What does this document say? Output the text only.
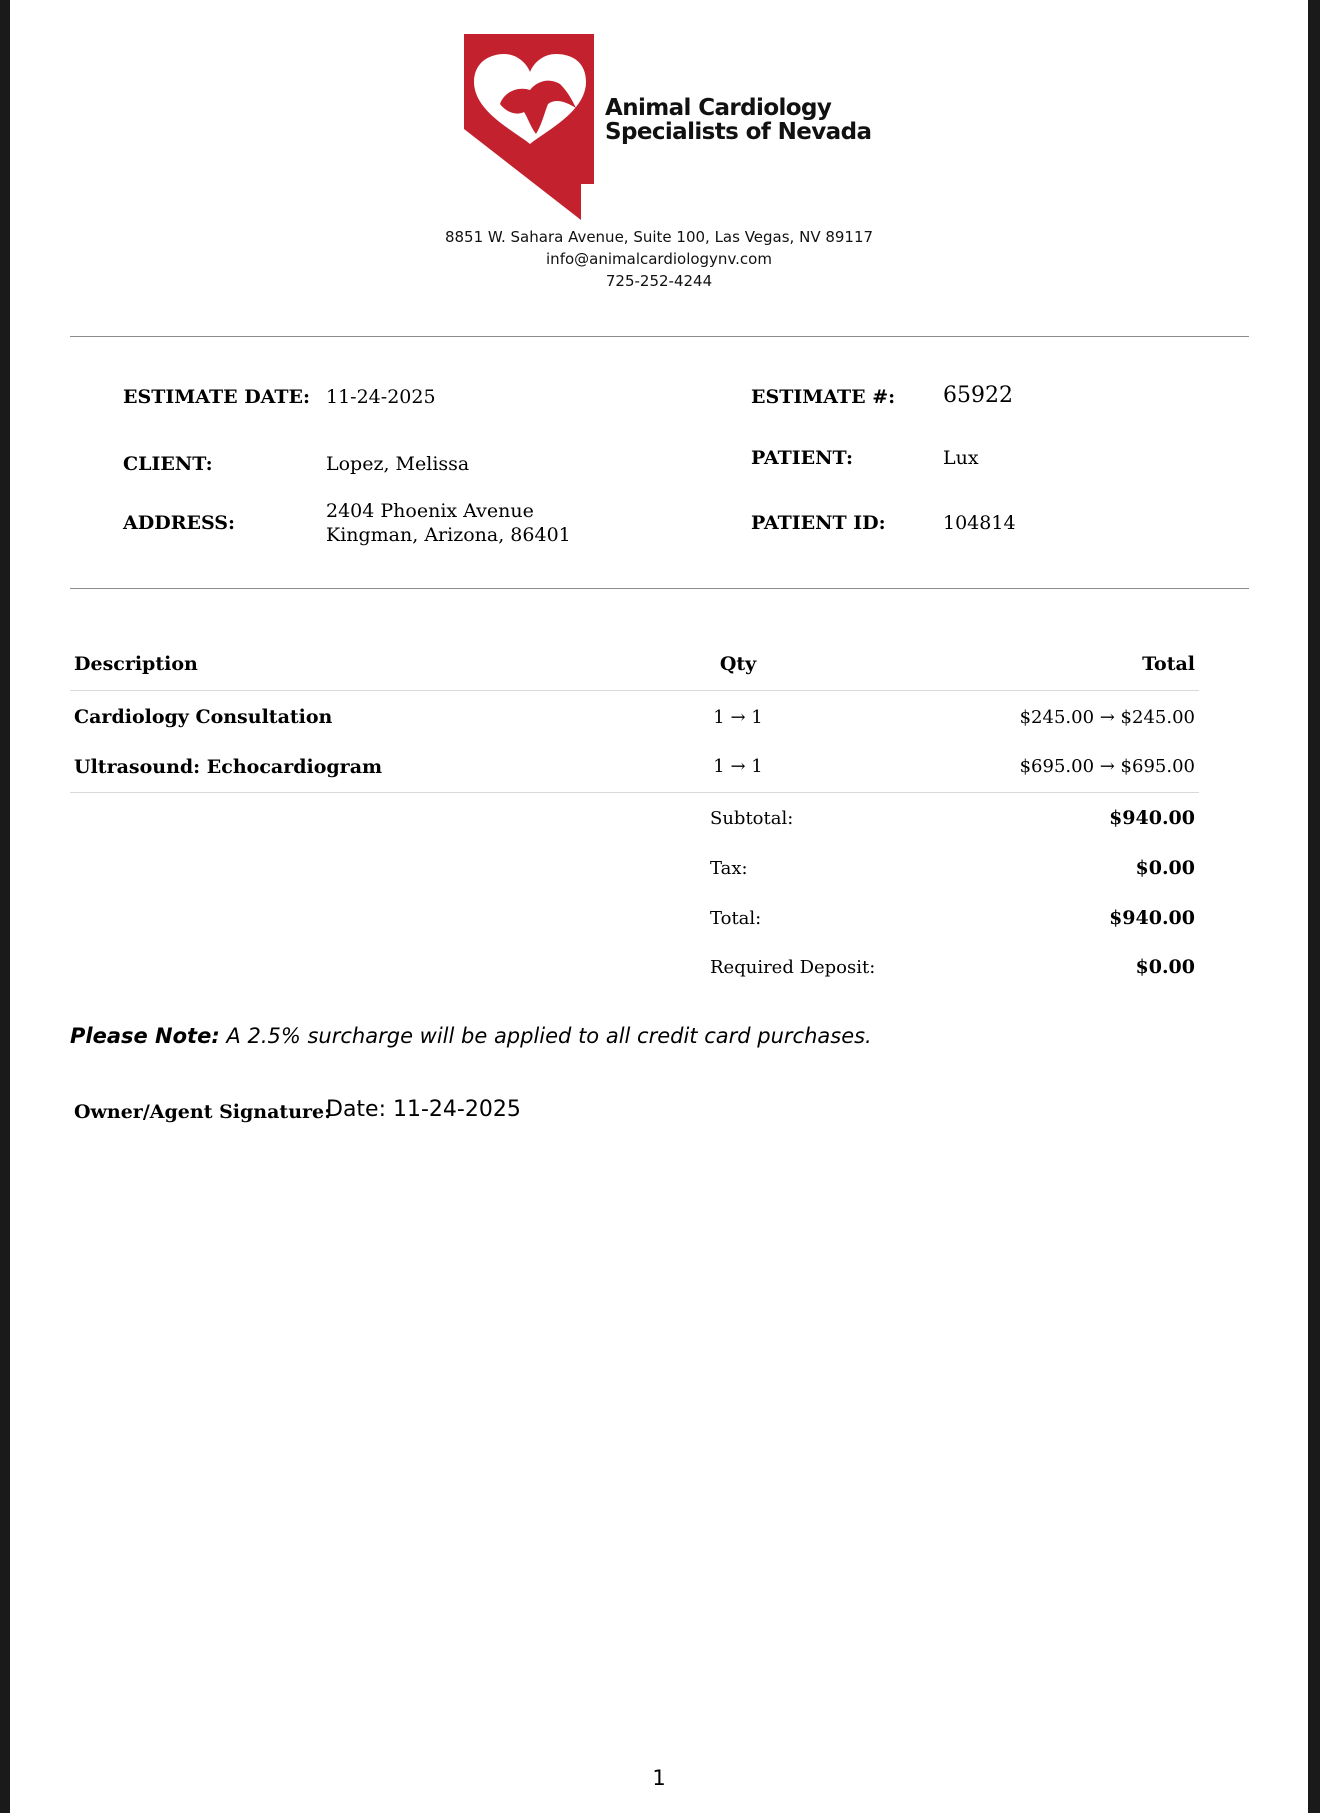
Animal Cardiology
Specialists of Nevada
8851 W. Sahara Avenue, Suite 100, Las Vegas, NV 89117
info@animalcardiologynv.com
725-252-4244
ESTIMATE DATE: 11-24-2025	ESTIMATE #: 65922
CLIENT:	Lopez, Melissa	PATIENT:	Lux
ADDRESS:
2404 Phoenix Avenue
Kingman, Arizona, 86401
PATIENT ID:	104814
Description	Qty	Total
Cardiology Consultation	1 → 1	$245.00 → $245.00
Ultrasound: Echocardiogram	1 → 1	$695.00 → $695.00
Subtotal:	$940.00
Tax:	$0.00
Total:	$940.00
Required Deposit:	$0.00
Please Note: A 2.5% surcharge will be applied to all credit card purchases.
Owner/Agent Signature:
Date: 11-24-2025
1
